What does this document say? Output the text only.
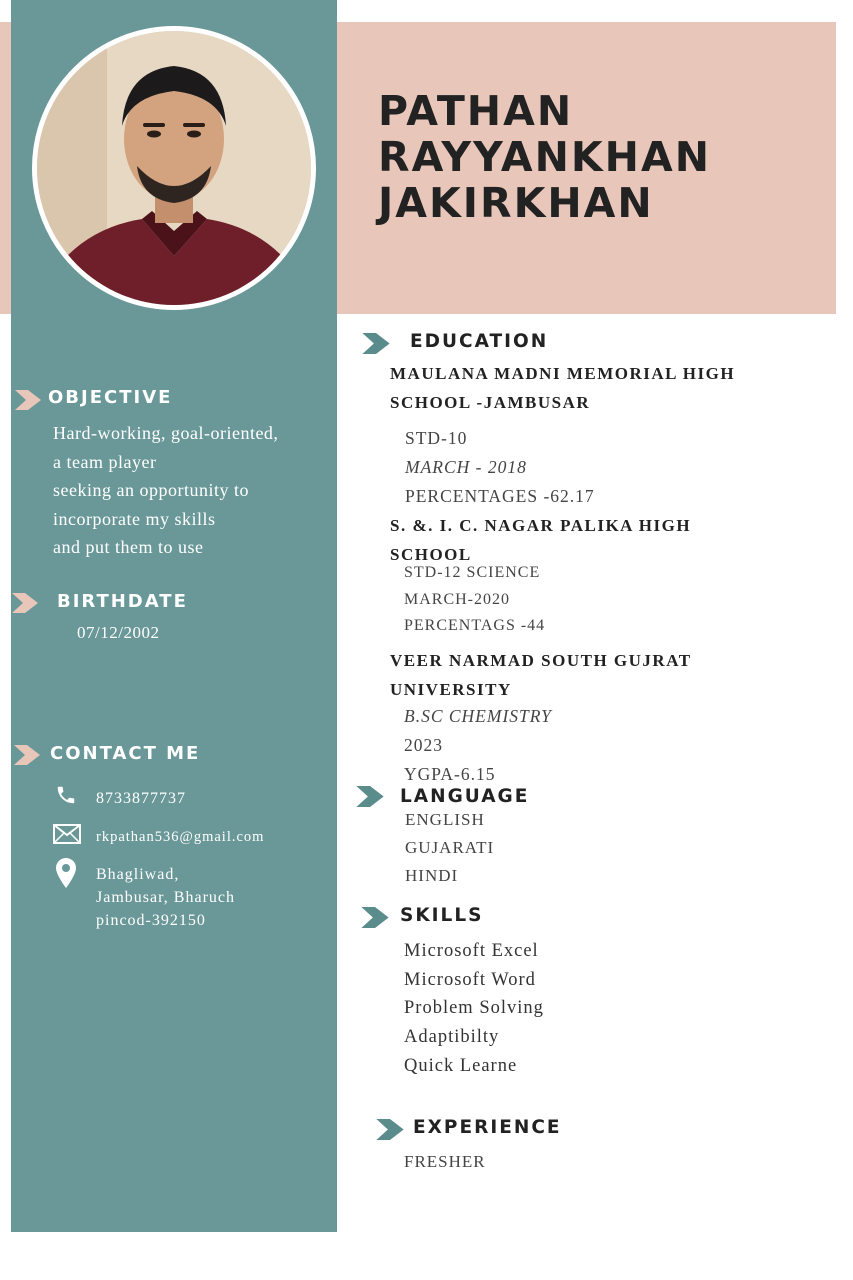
PATHAN
RAYYANKHAN
JAKIRKHAN
OBJECTIVE
Hard-working, goal-oriented,
a team player
seeking an opportunity to
incorporate my skills
and put them to use
BIRTHDATE
07/12/2002
CONTACT ME
8733877737
rkpathan536@gmail.com
Bhagliwad,
Jambusar, Bharuch
pincod-392150
EDUCATION
MAULANA MADNI MEMORIAL HIGH
SCHOOL -JAMBUSAR
STD-10
MARCH - 2018
PERCENTAGES -62.17
S. &. I. C. NAGAR PALIKA HIGH
SCHOOL
STD-12 SCIENCE
MARCH-2020
PERCENTAGS -44
VEER NARMAD SOUTH GUJRAT
UNIVERSITY
B.SC CHEMISTRY
2023
YGPA-6.15
LANGUAGE
ENGLISH
GUJARATI
HINDI
SKILLS
Microsoft Excel
Microsoft Word
Problem Solving
Adaptibilty
Quick Learne
EXPERIENCE
FRESHER
